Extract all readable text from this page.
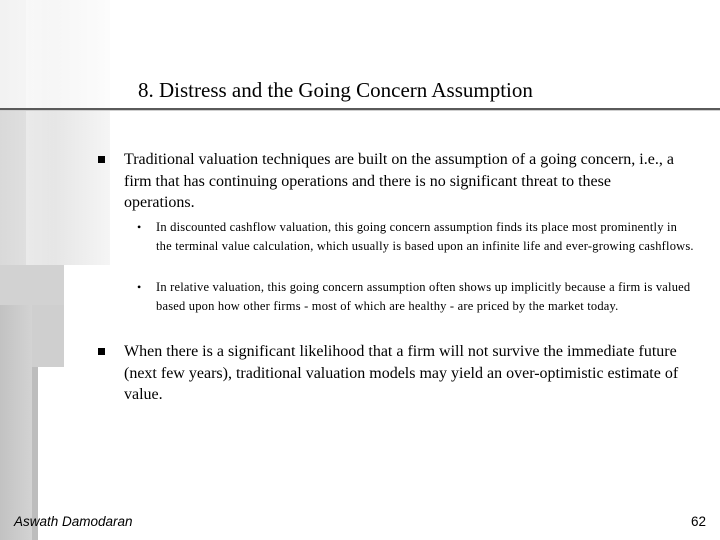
8. Distress and the Going Concern Assumption
Traditional valuation techniques are built on the assumption of a going concern, i.e., a firm that has continuing operations and there is no significant threat to these operations.
• In discounted cashflow valuation, this going concern assumption finds its place most prominently in the terminal value calculation, which usually is based upon an infinite life and ever-growing cashflows.
• In relative valuation, this going concern assumption often shows up implicitly because a firm is valued based upon how other firms - most of which are healthy - are priced by the market today.
When there is a significant likelihood that a firm will not survive the immediate future (next few years), traditional valuation models may yield an over-optimistic estimate of value.
Aswath Damodaran	62
